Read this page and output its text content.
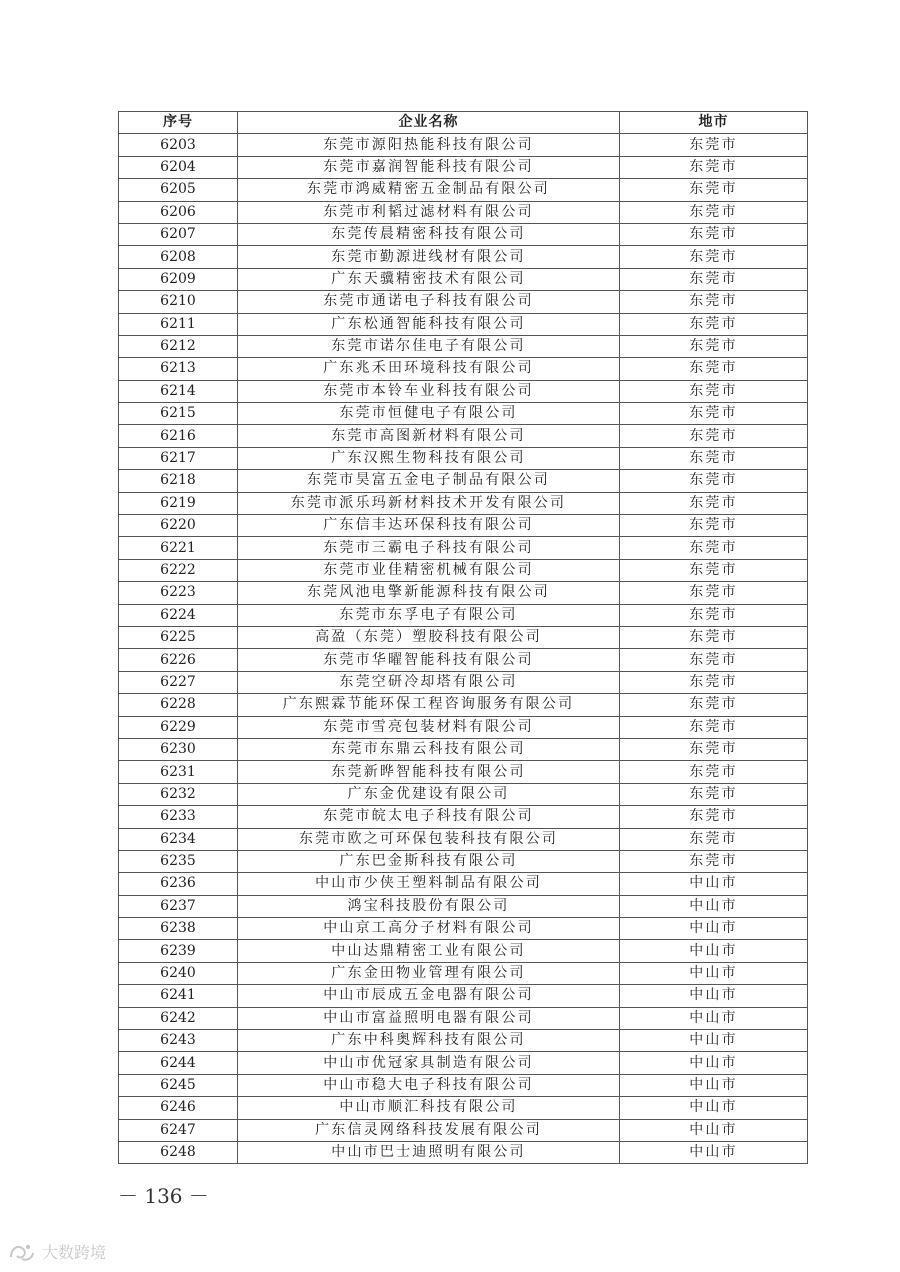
序号	企业名称	地市
6203	东莞市源阳热能科技有限公司	东莞市
6204	东莞市嘉润智能科技有限公司	东莞市
6205	东莞市鸿威精密五金制品有限公司	东莞市
6206	东莞市利韬过滤材料有限公司	东莞市
6207	东莞传晨精密科技有限公司	东莞市
6208	东莞市勤源进线材有限公司	东莞市
6209	广东天骥精密技术有限公司	东莞市
6210	东莞市通诺电子科技有限公司	东莞市
6211	广东松通智能科技有限公司	东莞市
6212	东莞市诺尔佳电子有限公司	东莞市
6213	广东兆禾田环境科技有限公司	东莞市
6214	东莞市本铃车业科技有限公司	东莞市
6215	东莞市恒健电子有限公司	东莞市
6216	东莞市高图新材料有限公司	东莞市
6217	广东汉熙生物科技有限公司	东莞市
6218	东莞市昊富五金电子制品有限公司	东莞市
6219	东莞市派乐玛新材料技术开发有限公司	东莞市
6220	广东信丰达环保科技有限公司	东莞市
6221	东莞市三霸电子科技有限公司	东莞市
6222	东莞市业佳精密机械有限公司	东莞市
6223	东莞风池电擎新能源科技有限公司	东莞市
6224	东莞市东孚电子有限公司	东莞市
6225	高盈（东莞）塑胶科技有限公司	东莞市
6226	东莞市华曜智能科技有限公司	东莞市
6227	东莞空研冷却塔有限公司	东莞市
6228	广东熙霖节能环保工程咨询服务有限公司	东莞市
6229	东莞市雪亮包装材料有限公司	东莞市
6230	东莞市东鼎云科技有限公司	东莞市
6231	东莞新晔智能科技有限公司	东莞市
6232	广东金优建设有限公司	东莞市
6233	东莞市皖太电子科技有限公司	东莞市
6234	东莞市欧之可环保包装科技有限公司	东莞市
6235	广东巴金斯科技有限公司	东莞市
6236	中山市少侠王塑料制品有限公司	中山市
6237	鸿宝科技股份有限公司	中山市
6238	中山京工高分子材料有限公司	中山市
6239	中山达鼎精密工业有限公司	中山市
6240	广东金田物业管理有限公司	中山市
6241	中山市辰成五金电器有限公司	中山市
6242	中山市富益照明电器有限公司	中山市
6243	广东中科奥辉科技有限公司	中山市
6244	中山市优冠家具制造有限公司	中山市
6245	中山市稳大电子科技有限公司	中山市
6246	中山市顺汇科技有限公司	中山市
6247	广东信灵网络科技发展有限公司	中山市
6248	中山市巴士迪照明有限公司	中山市
－ 136 －
大数跨境
